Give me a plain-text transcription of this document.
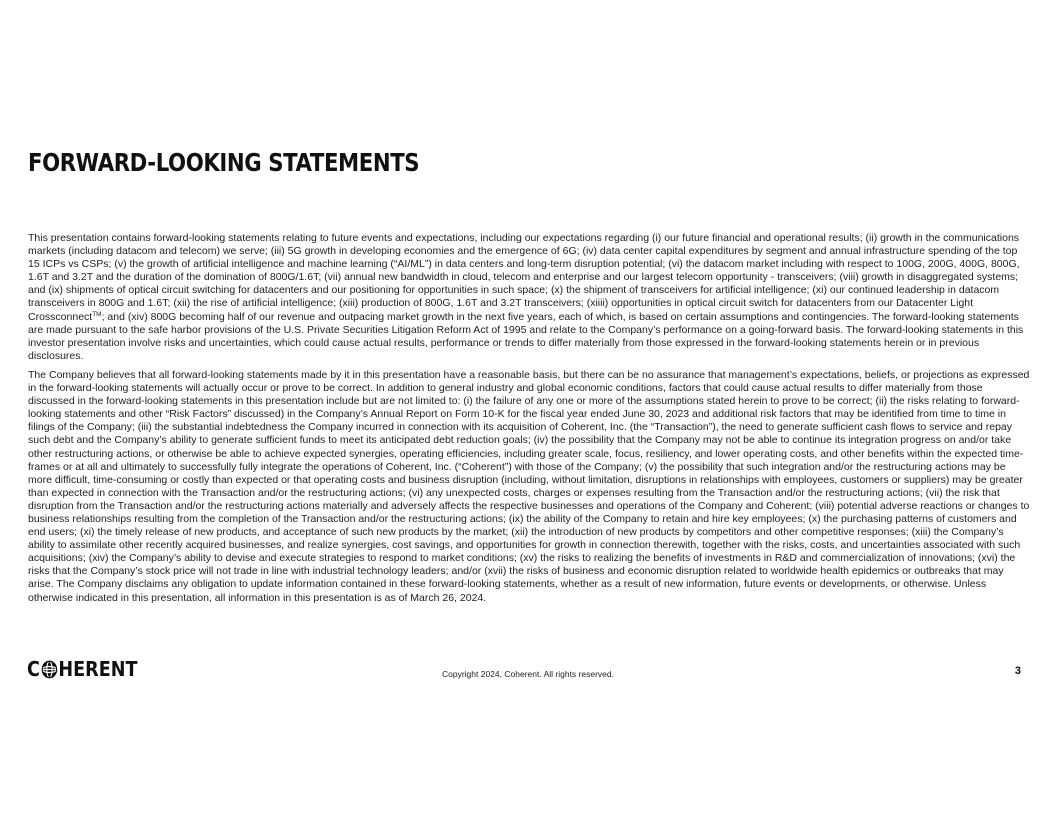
FORWARD-LOOKING STATEMENTS

This presentation contains forward-looking statements relating to future events and expectations, including our expectations regarding (i) our future financial and operational results; (ii) growth in the communications markets (including datacom and telecom) we serve; (iii) 5G growth in developing economies and the emergence of 6G; (iv) data center capital expenditures by segment and annual infrastructure spending of the top 15 ICPs vs CSPs; (v) the growth of artificial intelligence and machine learning (“AI/ML”) in data centers and long-term disruption potential; (vi) the datacom market including with respect to 100G, 200G, 400G, 800G, 1.6T and 3.2T and the duration of the domination of 800G/1.6T; (vii) annual new bandwidth in cloud, telecom and enterprise and our largest telecom opportunity - transceivers; (viii) growth in disaggregated systems; and (ix) shipments of optical circuit switching for datacenters and our positioning for opportunities in such space; (x) the shipment of transceivers for artificial intelligence; (xi) our continued leadership in datacom transceivers in 800G and 1.6T; (xii) the rise of artificial intelligence; (xiii) production of 800G, 1.6T and 3.2T transceivers; (xiiii) opportunities in optical circuit switch for datacenters from our Datacenter Light Crossconnect™; and (xiv) 800G becoming half of our revenue and outpacing market growth in the next five years, each of which, is based on certain assumptions and contingencies. The forward-looking statements are made pursuant to the safe harbor provisions of the U.S. Private Securities Litigation Reform Act of 1995 and relate to the Company’s performance on a going-forward basis. The forward-looking statements in this investor presentation involve risks and uncertainties, which could cause actual results, performance or trends to differ materially from those expressed in the forward-looking statements herein or in previous disclosures.

The Company believes that all forward-looking statements made by it in this presentation have a reasonable basis, but there can be no assurance that management’s expectations, beliefs, or projections as expressed in the forward-looking statements will actually occur or prove to be correct. In addition to general industry and global economic conditions, factors that could cause actual results to differ materially from those discussed in the forward-looking statements in this presentation include but are not limited to: (i) the failure of any one or more of the assumptions stated herein to prove to be correct; (ii) the risks relating to forward-looking statements and other “Risk Factors” discussed) in the Company’s Annual Report on Form 10-K for the fiscal year ended June 30, 2023 and additional risk factors that may be identified from time to time in filings of the Company; (iii) the substantial indebtedness the Company incurred in connection with its acquisition of Coherent, Inc. (the “Transaction”), the need to generate sufficient cash flows to service and repay such debt and the Company’s ability to generate sufficient funds to meet its anticipated debt reduction goals; (iv) the possibility that the Company may not be able to continue its integration progress on and/or take other restructuring actions, or otherwise be able to achieve expected synergies, operating efficiencies, including greater scale, focus, resiliency, and lower operating costs, and other benefits within the expected time-frames or at all and ultimately to successfully fully integrate the operations of Coherent, Inc. (“Coherent”) with those of the Company; (v) the possibility that such integration and/or the restructuring actions may be more difficult, time-consuming or costly than expected or that operating costs and business disruption (including, without limitation, disruptions in relationships with employees, customers or suppliers) may be greater than expected in connection with the Transaction and/or the restructuring actions; (vi) any unexpected costs, charges or expenses resulting from the Transaction and/or the restructuring actions; (vii) the risk that disruption from the Transaction and/or the restructuring actions materially and adversely affects the respective businesses and operations of the Company and Coherent; (viii) potential adverse reactions or changes to business relationships resulting from the completion of the Transaction and/or the restructuring actions; (ix) the ability of the Company to retain and hire key employees; (x) the purchasing patterns of customers and end users; (xi) the timely release of new products, and acceptance of such new products by the market; (xii) the introduction of new products by competitors and other competitive responses; (xiii) the Company’s ability to assimilate other recently acquired businesses, and realize synergies, cost savings, and opportunities for growth in connection therewith, together with the risks, costs, and uncertainties associated with such acquisitions; (xiv) the Company’s ability to devise and execute strategies to respond to market conditions; (xv) the risks to realizing the benefits of investments in R&D and commercialization of innovations; (xvi) the risks that the Company’s stock price will not trade in line with industrial technology leaders; and/or (xvii) the risks of business and economic disruption related to worldwide health epidemics or outbreaks that may arise. The Company disclaims any obligation to update information contained in these forward-looking statements, whether as a result of new information, future events or developments, or otherwise. Unless otherwise indicated in this presentation, all information in this presentation is as of March 26, 2024.

C HERENT	Copyright 2024, Coherent. All rights reserved.	3
